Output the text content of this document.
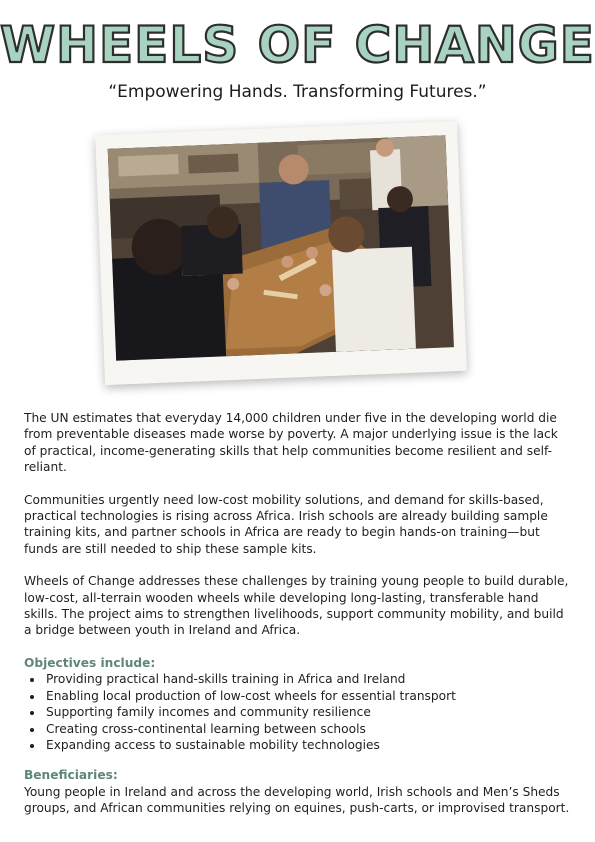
WHEELS OF CHANGE
“Empowering Hands. Transforming Futures.”

The UN estimates that everyday 14,000 children under five in the developing world die from preventable diseases made worse by poverty. A major underlying issue is the lack of practical, income-generating skills that help communities become resilient and self-reliant.

Communities urgently need low-cost mobility solutions, and demand for skills-based, practical technologies is rising across Africa. Irish schools are already building sample training kits, and partner schools in Africa are ready to begin hands-on training—but funds are still needed to ship these sample kits.

Wheels of Change addresses these challenges by training young people to build durable, low-cost, all-terrain wooden wheels while developing long-lasting, transferable hand skills. The project aims to strengthen livelihoods, support community mobility, and build a bridge between youth in Ireland and Africa.

Objectives include:
• Providing practical hand-skills training in Africa and Ireland
• Enabling local production of low-cost wheels for essential transport
• Supporting family incomes and community resilience
• Creating cross-continental learning between schools
• Expanding access to sustainable mobility technologies
Beneficiaries:

Young people in Ireland and across the developing world, Irish schools and Men’s Sheds groups, and African communities relying on equines, push-carts, or improvised transport.
